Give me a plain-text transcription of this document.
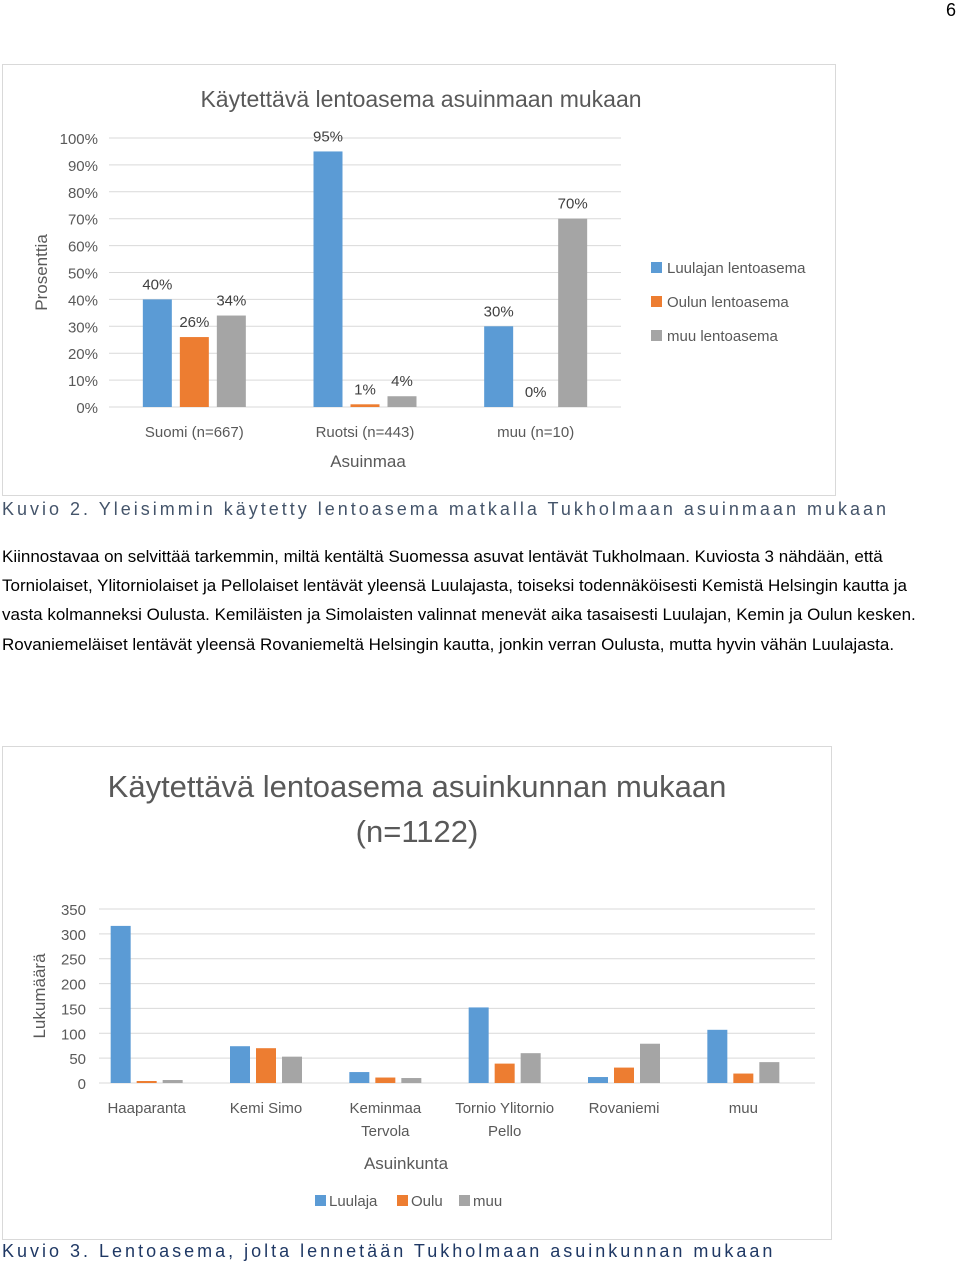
6
Käytettävä lentoasema asuinmaan mukaan
0%
10%
20%
30%
40%
50%
60%
70%
80%
90%
100%
Prosenttia	40%
26%
34%
Suomi (n=667)
95%
1% 4%
Ruotsi (n=443)
30%
0%
70%
muu (n=10)
Asuinmaa
Luulajan lentoasema
Oulun lentoasema
muu lentoasema
Kuvio 2. Yleisimmin käytetty lentoasema matkalla Tukholmaan asuinmaan mukaan
Kiinnostavaa on selvittää tarkemmin, miltä kentältä Suomessa asuvat lentävät Tukholmaan. Kuviosta 3 nähdään, että Torniolaiset, Ylitorniolaiset ja Pellolaiset lentävät yleensä Luulajasta, toiseksi todennäköisesti Kemistä Helsingin kautta ja vasta kolmanneksi Oulusta. Kemiläisten ja Simolaisten valinnat menevät aika tasaisesti Luulajan, Kemin ja Oulun kesken. Rovaniemeläiset lentävät yleensä Rovaniemeltä Helsingin kautta, jonkin verran Oulusta, mutta hyvin vähän Luulajasta.
Käytettävä lentoasema asuinkunnan mukaan
(n=1122)
0
50
100
150
200
250
300
350
Lukumäärä
Haaparanta	Kemi Simo	Keminmaa
Tervola
Tornio Ylitornio
Pello
Rovaniemi	muu
Asuinkunta
Luulaja Oulu muu
Kuvio 3. Lentoasema, jolta lennetään Tukholmaan asuinkunnan mukaan
